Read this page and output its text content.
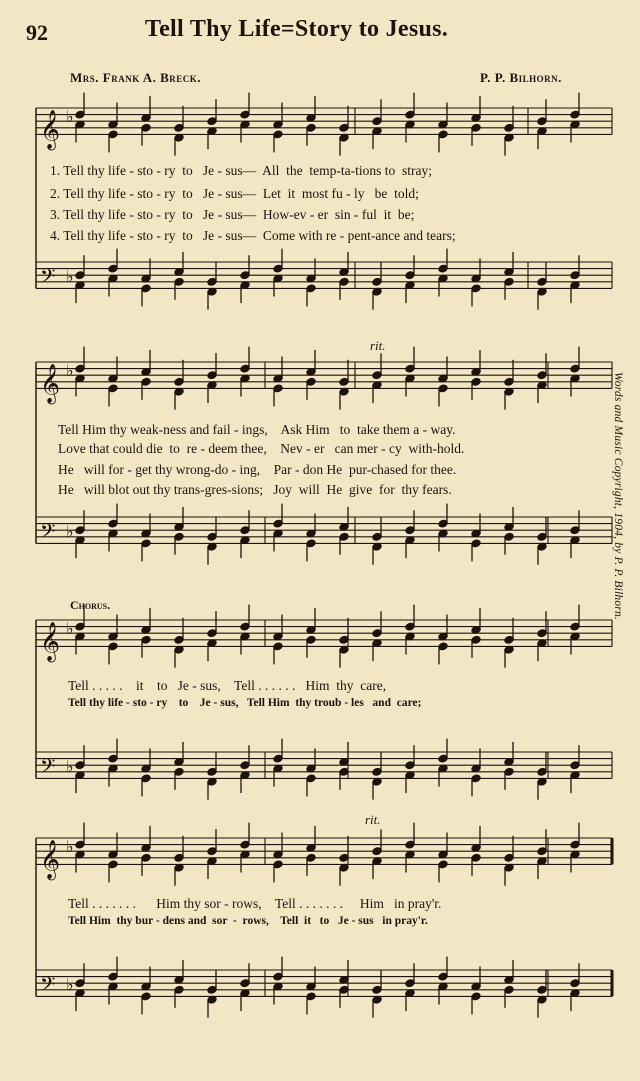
92	Tell Thy Life=Story to Jesus.
Mrs. Frank A. Breck.	P. P. Bilhorn.
𝄞 ♭
𝄢 ♭
𝄞 ♭
𝄢 ♭
𝄞 ♭
𝄢 ♭
𝄞 ♭
𝄢 ♭
1. Tell thy life - sto - ry  to   Je - sus—  All  the  temp-ta-tions to  stray;
2. Tell thy life - sto - ry  to   Je - sus—  Let  it  most fu - ly   be  told;
3. Tell thy life - sto - ry  to   Je - sus—  How-ev - er  sin - ful  it  be;
4. Tell thy life - sto - ry  to   Je - sus—  Come with re - pent-ance and tears;
rit.
Tell Him thy weak-ness and fail - ings,    Ask Him   to  take them a - way.
Love that could die  to  re - deem thee,    Nev - er   can mer - cy  with-hold.
He   will for - get thy wrong-do - ing,    Par - don He  pur-chased for thee.
He   will blot out thy trans-gres-sions;   Joy  will  He  give  for  thy fears.
Chorus.
Tell . . . . .    it    to   Je - sus,    Tell . . . . . .   Him  thy  care,
Tell thy life - sto - ry    to    Je - sus,   Tell Him  thy troub - les   and  care;
rit.
Tell . . . . . . .      Him thy sor - rows,    Tell . . . . . . .     Him   in pray'r.
Tell Him  thy bur - dens and  sor  -  rows,    Tell  it   to   Je - sus   in pray'r.
Words and Music Copyright, 1904, by P. P. Bilhorn.
